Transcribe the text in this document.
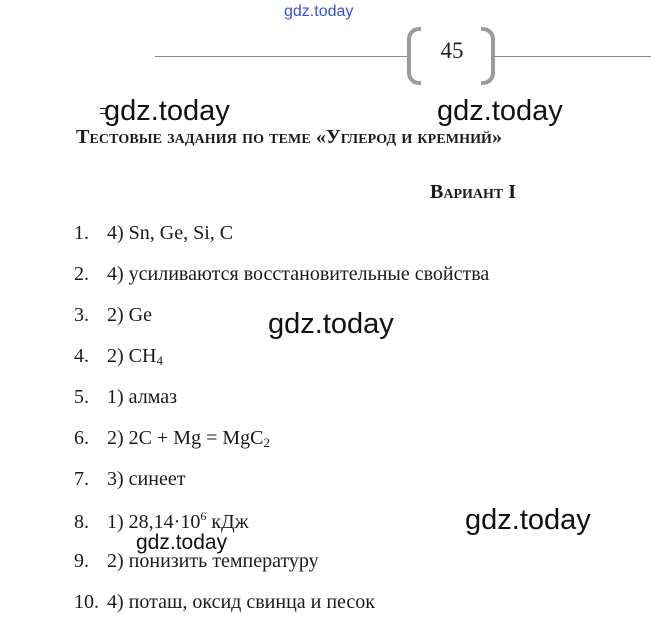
gdz.today
45
gdz.today	gdz.today
Тестовые задания по теме «Углерод и кремний»
Вариант I
1. 4) Sn, Ge, Si, C
2. 4) усиливаются восстановительные свойства
3. 2) Ge
4. 2) $CH_4$
5. 1) алмаз
6. 2) 2C + Mg = MgC$_2$
7. 3) синеет
8. 1) $28,14\cdot 10^6$ кДж
9. 2) понизить температуру
10. 4) поташ, оксид свинца и песок
gdz.today
gdz.today
gdz.today
